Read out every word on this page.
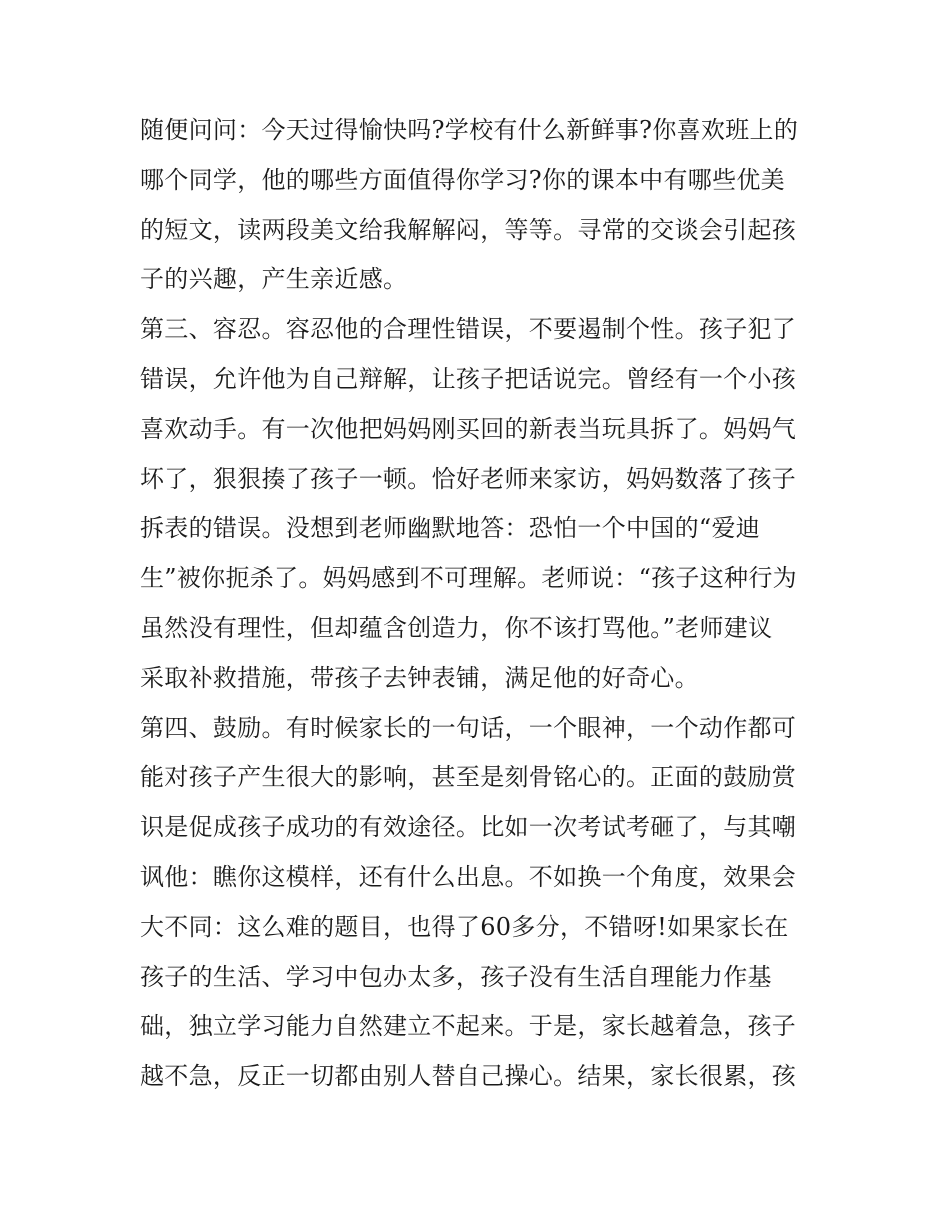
随便问问：今天过得愉快吗?学校有什么新鲜事?你喜欢班上的
哪个同学，他的哪些方面值得你学习?你的课本中有哪些优美
的短文，读两段美文给我解解闷，等等。寻常的交谈会引起孩
子的兴趣，产生亲近感。
第三、容忍。容忍他的合理性错误，不要遏制个性。孩子犯了
错误，允许他为自己辩解，让孩子把话说完。曾经有一个小孩
喜欢动手。有一次他把妈妈刚买回的新表当玩具拆了。妈妈气
坏了，狠狠揍了孩子一顿。恰好老师来家访，妈妈数落了孩子
拆表的错误。没想到老师幽默地答：恐怕一个中国的“爱迪
生”被你扼杀了。妈妈感到不可理解。老师说：“孩子这种行为
虽然没有理性，但却蕴含创造力，你不该打骂他。”老师建议
采取补救措施，带孩子去钟表铺，满足他的好奇心。
第四、鼓励。有时候家长的一句话，一个眼神，一个动作都可
能对孩子产生很大的影响，甚至是刻骨铭心的。正面的鼓励赏
识是促成孩子成功的有效途径。比如一次考试考砸了，与其嘲
讽他：瞧你这模样，还有什么出息。不如换一个角度，效果会
大不同：这么难的题目，也得了60多分，不错呀!如果家长在
孩子的生活、学习中包办太多，孩子没有生活自理能力作基
础，独立学习能力自然建立不起来。于是，家长越着急，孩子
越不急，反正一切都由别人替自己操心。结果，家长很累，孩
